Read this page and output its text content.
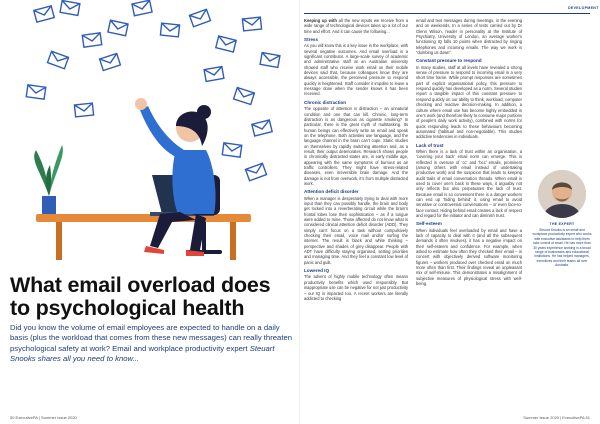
What email overload does to psychological health

Did you know the volume of email employees are expected to handle on a daily basis (plus the workload that comes from these new messages) can really threaten psychological safety at work? Email and workplace productivity expert Steuart Snooks shares all you need to know...

50 ExecutivePA | Summer Issue 2020
DEVELOPMENT

Keeping up with all the new inputs we receive from a wide range of technological devices takes up a lot of our time and effort. And it can cause the following...

Stress

As you will know this is a key issue in the workplace, with several negative outcomes. And email overload is a significant contributor. A large-scale survey of academic and administrative staff at an Australian university showed staff who receive work email on their mobile devices said that, because colleagues know they are always accessible, the perceived pressure to respond quickly is heightened. Staff consider it impolite to leave a message done when the sender knows it has been received.

Chronic distraction

The opposite of attention is distraction – an unnatural condition and one that can kill. Chronic, long-term distraction is as dangerous as cigarette smoking? In particular, there is the great myth of multitasking. Its human beings can effectively write an email and speak on the telephone. Both activities use language, and the language channel in the brain can’t cope. Static studies on themselves by rapidly switching attention and, as a result, their output deteriorates. Research shows people in chronically distracted states are, in early middle age, appearing with the same symptoms of burnout as air traffic controllers. They might have stress-related diseases, even irreversible brain damage. And the damage is not from overwork, it’s from multiple distracted work.

Attention deficit disorder

When a manager is desperately trying to deal with more input than they can possibly handle, the brain and body get locked into a reverberating circuit while the brain’s frontal lobes lose their sophistication – as if a tongue were added to mine. Those affected do not know what is considered clinical attention deficit disorder (ADD). They simply can’t focus on a task without compulsively checking their email, voice mail and/or surfing the internet. The result is black and white thinking – perspective and shades of grey disappear. People with ADT have difficulty staying organised, setting priorities and managing time. And they feel a constant low level of panic and guilt.

Lowered IQ

The advent of highly mobile technology often means productivity benefits which used responsibly. But inappropriate use can be negative for not just productivity – our IQ is impacted too. A recent workers are literally addicted to checking

email and text messages during meetings, in the evening and on weekends. In a series of tests carried out by Dr Glenn Wilson, reader in personality at the Institute of Psychiatry, University of London, an average worker’s functioning IQ falls 10 points when distracted by ringing telephones and incoming emails. The way we work is “dumbing us down”.

Constant pressure to respond

In many studies, staff at all levels have revealed a strong sense of pressure to respond to incoming email in a very short time frame. While prompt responses are sometimes part of explicit organisational policy, this pressure to respond quickly has developed as a norm. Several studies report a tangible impact of this constant pressure to respond quickly on our ability to think, workload, computer checking and reactive decision-making. In addition, a culture where email use has become highly embedded in one’s work (and therefore likely to consume major portions of people’s daily work activity), combined with norms for quick responding leads to these behaviours becoming automated (habitual and non-negotiable). This studies addictive tendencies in individuals.

Lack of trust

When there is a lack of trust within an organisation, a ‘covering your back’ email norm can emerge. This is reflected in overuse of ‘cc’ and ‘bcc’ emails, prominent (among others with email instead of undertaking productive work) and the suspicion that leads to keeping audit trails of email conversation threads. When email is used to cover one’s back in these ways, it arguably not only reflects but also perpetuates the lack of trust. Because email is so convenient there is a danger workers can end up ‘hiding behind’ it, using email to avoid sensitive or controversial conversations – or even face-to-face contact. Hiding behind email creates a lack of respect and regard for the initiator and can diminish trust.

Self-esteem

When individuals feel overloaded by email and have a lack of capacity to deal with it (and all the subsequent demands it often involves), it has a negative impact on their self-esteem and confidence. For example, when asked to estimate how often they checked their email – in concert with objectively derived software monitoring figures – workers produced over checked email on much more often than first. Their findings reveal an unpleasant mix of self-misuse. This demonstrates a misalignment of subjective measures of physiological stress with well-being.

THE EXPERT
Steuart Snooks is an email and workplace productivity expert who works with executive assistants to help them take control of email. He has more than 30 years experience working in a broad range of businesses and educational institutions. He has helped managers, executives and their teams all over Australia.
Summer Issue 2020 | ExecutivePA 51
